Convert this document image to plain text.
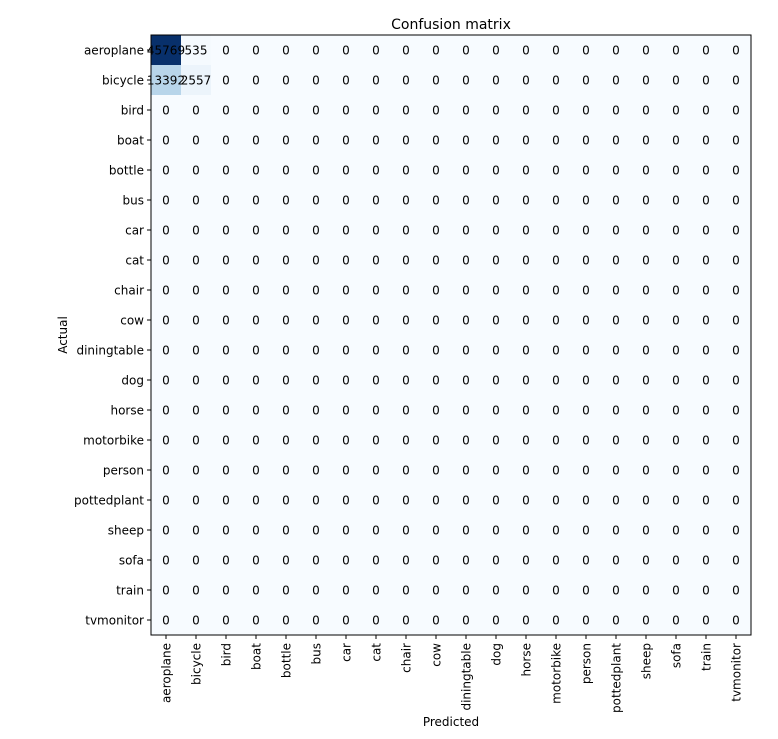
Confusion matrix
45769 535 0 0 0 0 0 0 0 0 0 0 0 0 0 0 0 0 0 0
13392
2557 0 0 0 0 0 0 0 0 0 0 0 0 0 0 0 0 0 0
0 0 0 0 0 0 0 0 0 0 0 0 0 0 0 0 0 0 0 0
0 0 0 0 0 0 0 0 0 0 0 0 0 0 0 0 0 0 0 0
0 0 0 0 0 0 0 0 0 0 0 0 0 0 0 0 0 0 0 0
0 0 0 0 0 0 0 0 0 0 0 0 0 0 0 0 0 0 0 0
0 0 0 0 0 0 0 0 0 0 0 0 0 0 0 0 0 0 0 0
0 0 0 0 0 0 0 0 0 0 0 0 0 0 0 0 0 0 0 0
0 0 0 0 0 0 0 0 0 0 0 0 0 0 0 0 0 0 0 0
0 0 0 0 0 0 0 0 0 0 0 0 0 0 0 0 0 0 0 0
0 0 0 0 0 0 0 0 0 0 0 0 0 0 0 0 0 0 0 0
0 0 0 0 0 0 0 0 0 0 0 0 0 0 0 0 0 0 0 0
0 0 0 0 0 0 0 0 0 0 0 0 0 0 0 0 0 0 0 0
0 0 0 0 0 0 0 0 0 0 0 0 0 0 0 0 0 0 0 0
0 0 0 0 0 0 0 0 0 0 0 0 0 0 0 0 0 0 0 0
0 0 0 0 0 0 0 0 0 0 0 0 0 0 0 0 0 0 0 0
0 0 0 0 0 0 0 0 0 0 0 0 0 0 0 0 0 0 0 0
0 0 0 0 0 0 0 0 0 0 0 0 0 0 0 0 0 0 0 0
0 0 0 0 0 0 0 0 0 0 0 0 0 0 0 0 0 0 0 0
0 0 0 0 0 0 0 0 0 0 0 0 0 0 0 0 0 0 0 0
aeroplane
bicycle
bird
boat
bottle
bus
car
cat
chair
cow
diningtable
dog
horse
motorbike
person
pottedplant
sheep
sofa
train
tvmonitor
aeroplane bicycle bird boat bottle bus car cat chair cow diningtable dog horse motorbike person pottedplant sheep sofa train tvmonitor
Predicted
Actual
